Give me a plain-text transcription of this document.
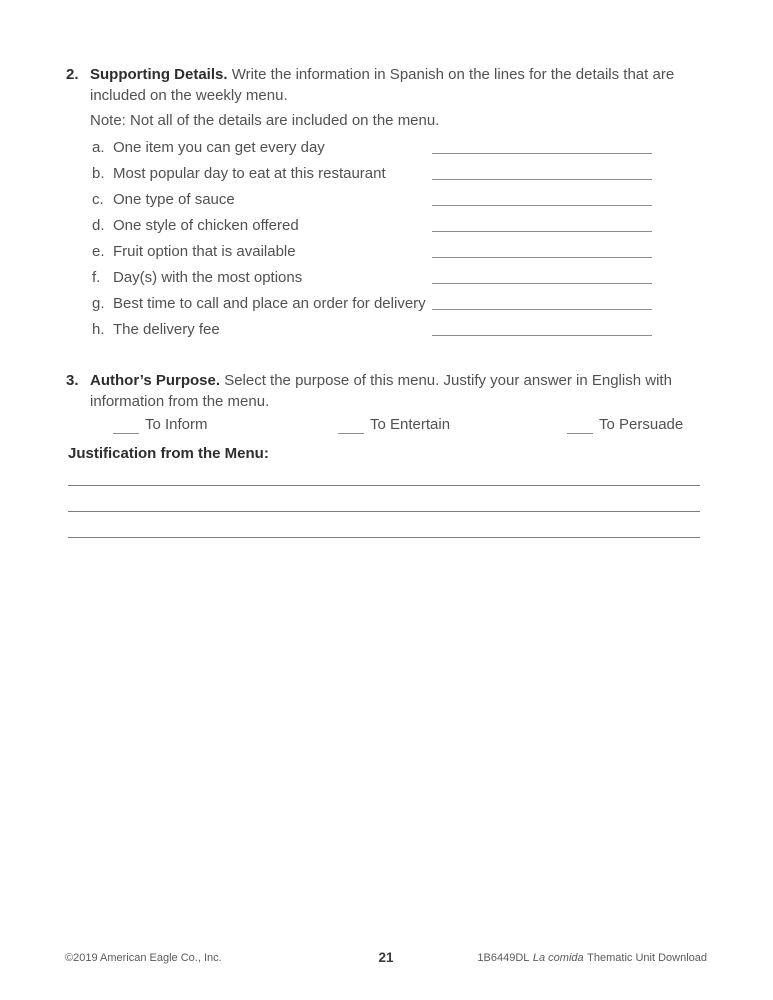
2. Supporting Details. Write the information in Spanish on the lines for the details that are included on the weekly menu.

Note: Not all of the details are included on the menu.

a. One item you can get every day
b. Most popular day to eat at this restaurant
c. One type of sauce
d. One style of chicken offered
e. Fruit option that is available
f. Day(s) with the most options
g. Best time to call and place an order for delivery
h. The delivery fee
3. Author’s Purpose. Select the purpose of this menu. Justify your answer in English with information from the menu.

To Inform	To Entertain	To Persuade

Justification from the Menu:

©2019 American Eagle Co., Inc.	21	1B6449DL La comida Thematic Unit Download
